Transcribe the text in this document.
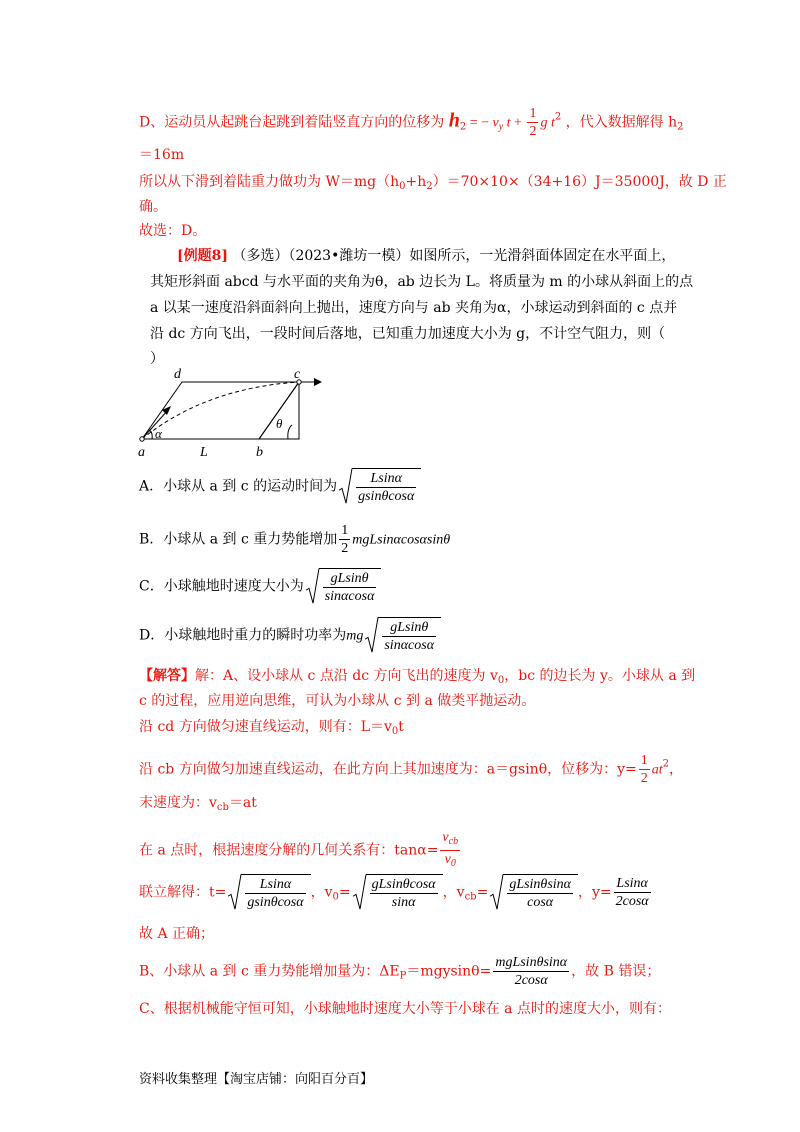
D、运动员从起跳台起跳到着陆竖直方向的位移为 $h_2$ = − $v_y$ $t + \frac{1}{2}$ g $t^2$ ，代入数据解得 $h_2$
＝16m
所以从下滑到着陆重力做功为 $W=mg(h_0+h_2)=70\times 10\times(34+16)J=35000J$，故 D 正
确。
故选：D。
[例题8] （多选）（2023•潍坊一模）如图所示，一光滑斜面体固定在水平面上，
其矩形斜面 abcd 与水平面的夹角为θ，ab 边长为 L。将质量为 m 的小球从斜面上的点
a 以某一速度沿斜面斜向上抛出，速度方向与 ab 夹角为α，小球运动到斜面的 c 点并
沿 dc 方向飞出，一段时间后落地，已知重力加速度大小为 g，不计空气阻力，则（
）
a	b
c
d
L
α
θ
A．小球从 a 到 c 的运动时间为 $\frac{Lsin\alpha}{gsin\theta\cos\alpha}$
B．小球从 a 到 c 重力势能增加 $\frac{1}{2}$ mgLsinαcosαsinθ
C．小球触地时速度大小为 $\frac{gLsin\theta}{\sin\alpha\cos\alpha}$
D．小球触地时重力的瞬时功率为mg $\frac{gLsin\theta}{\sin\alpha\cos\alpha}$
【解答】解：A、设小球从 c 点沿 dc 方向飞出的速度为 $v_0$，bc 的边长为 y。小球从 a 到
c 的过程，应用逆向思维，可认为小球从 c 到 a 做类平抛运动。
沿 cd 方向做匀速直线运动，则有：$L=v_0t$
沿 cb 方向做匀加速直线运动，在此方向上其加速度为：a＝gsinθ，位移为：$y= \frac{1}{2} at^2$，
末速度为：$v_{cb}=at$
在 a 点时，根据速度分解的几何关系有：$\tan\alpha= \frac{v_{cb}}{v_0}$
联立解得：$t= \frac{Lsin\alpha}{gsin\theta\cos\alpha}$ ，$v_0= \frac{gLsin\theta\cos\alpha}{\sin\alpha}$ ，$v_{cb}= \frac{gLsin\theta\sin\alpha}{\cos\alpha}$ ，$y= \frac{Lsin\alpha}{2\cos\alpha}$
故 A 正确；
B、小球从 a 到 c 重力势能增加量为：$\Delta E_P=mgysin\theta= \frac{\text{mgLsinθsinα}}{2\cos\alpha}$ ，故 B 错误；
C、根据机械能守恒可知，小球触地时速度大小等于小球在 a 点时的速度大小，则有：
资料收集整理【淘宝店铺：向阳百分百】
